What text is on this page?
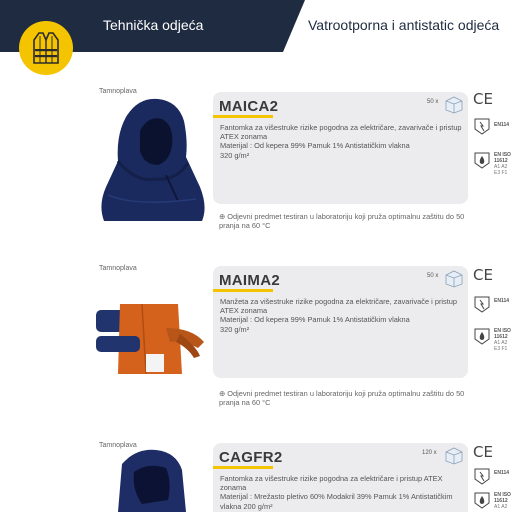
Tehnička odjeća	Vatrootporna i antistatic odjeća
Tamnoplava
MAICA2	50 x
Fantomka za višestruke rizike pogodna za električare, zavarivače i pristup ATEX zonama
Materijal : Od kepera 99% Pamuk 1% Antistatičkim vlakna
320 g/m²
⊕ Odjevni predmet testiran u laboratoriju koji pruža optimalnu zaštitu do 50 pranja na 60 °C
CE
EN114
EN ISO
11612
A1 A2
E3 F1
Tamnoplava
MAIMA2	50 x
Manžeta za višestruke rizike pogodna za električare, zavarivače i pristup ATEX zonama
Materijal : Od kepera 99% Pamuk 1% Antistatičkim vlakna
320 g/m²
⊕ Odjevni predmet testiran u laboratoriju koji pruža optimalnu zaštitu do 50 pranja na 60 °C
CE
EN114
EN ISO
11612
A1 A2
E3 F1
Tamnoplava
CAGFR2	120 x
Fantomka za višestruke rizike pogodna za električare i pristup ATEX zonama
Materijal : Mrežasto pletivo 60% Modakril 39% Pamuk 1% Antistatičkim vlakna 200 g/m²
CE
EN114
EN ISO
11612
A1 A2
